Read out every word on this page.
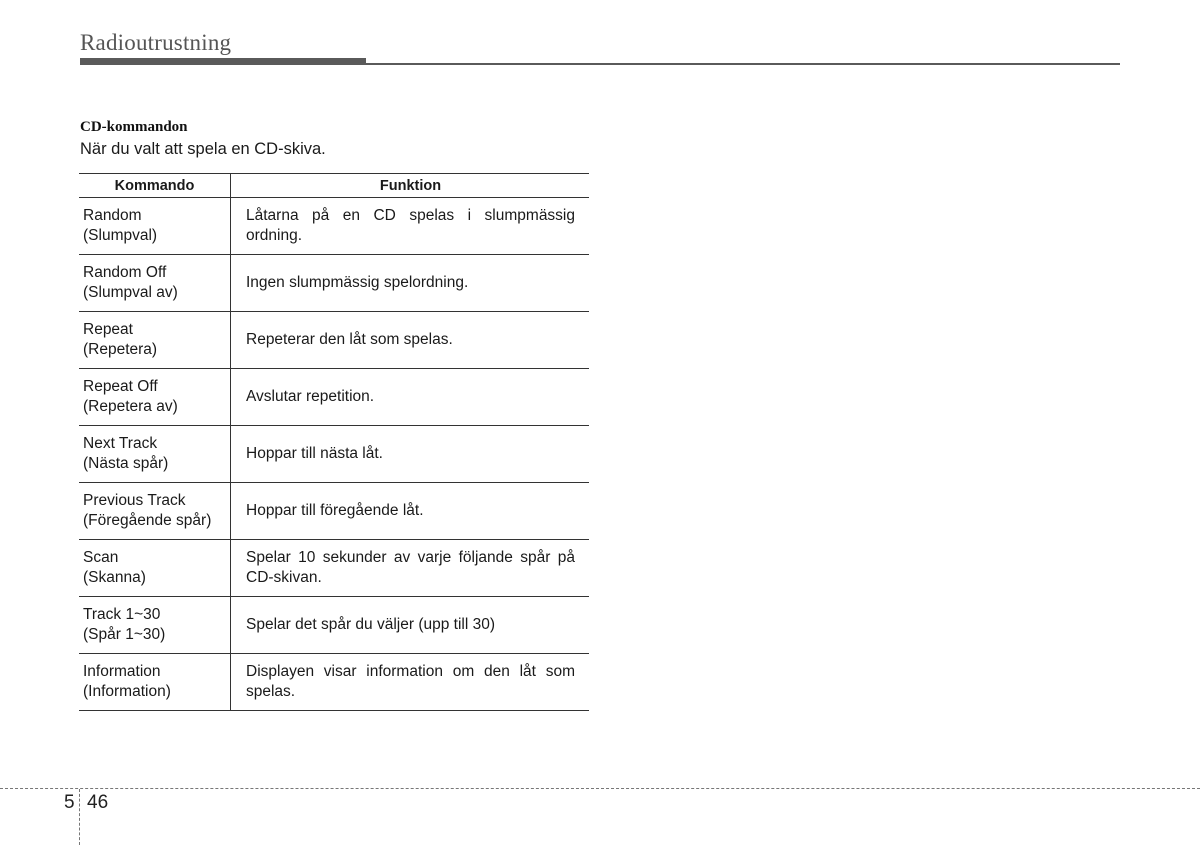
Radioutrustning
CD-kommandon
När du valt att spela en CD-skiva.
Kommando	Funktion

Random
(Slumpval)	Låtarna på en CD spelas i slumpmässig ordning.

Random Off
(Slumpval av)	Ingen slumpmässig spelordning.

Repeat
(Repetera)	Repeterar den låt som spelas.

Repeat Off
(Repetera av)	Avslutar repetition.

Next Track
(Nästa spår)	Hoppar till nästa låt.

Previous Track
(Föregående spår)	Hoppar till föregående låt.

Scan
(Skanna)	Spelar 10 sekunder av varje följande spår på CD-skivan.

Track 1~30
(Spår 1~30)	Spelar det spår du väljer (upp till 30)

Information
(Information)	Displayen visar information om den låt som spelas.
5 46
